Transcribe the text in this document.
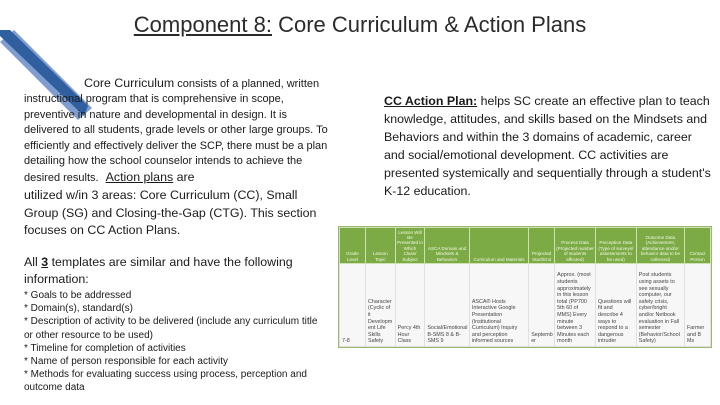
Component 8: Core Curriculum & Action Plans

Core Curriculum consists of a planned, written instructional program that is comprehensive in scope, preventive in nature and developmental in design. It is delivered to all students, grade levels or other large groups. To efficiently and effectively deliver the SCP, there must be a plan detailing how the school counselor intends to achieve the desired results. Action plans are

utilized w/in 3 areas: Core Curriculum (CC), Small Group (SG) and Closing-the-Gap (CTG). This section focuses on CC Action Plans.

All 3 templates are similar and have the following information:

* Goals to be addressed
* Domain(s), standard(s)
* Description of activity to be delivered (include any curriculum title or other resource to be used)
* Timeline for completion of activities
* Name of person responsible for each activity
* Methods for evaluating success using process, perception and outcome data

CC Action Plan: helps SC create an effective plan to teach knowledge, attitudes, and skills based on the Mindsets and Behaviors and within the 3 domains of academic, career and social/emotional development. CC activities are presented systemically and sequentially through a student's K-12 education.

Grade Level	Lesson Topic	Lesson Will Be Presented in Which Class/ Subject	ASCA Domain and Mindsets & Behaviors	Curriculum and Materials	Projected Start/End	Process Data (Projected number of students affected)	Perception Data (Type of surveys/ assessments to be used)	Outcome Data (Achievement, attendance and/or behavior data to be collected)	Contact Person
7-8	Character (Cyclic of it Developm ent Life Skills Safety	Percy 4th Hour Class	Social/Emotional B-SMS 8 & B-SMS 9	ASCA® Hosts Interactive Google Presentation (Institutional Curriculum) Inquiry and perception informed sources	Septemb er	Approx. (most students approximately in this lesson total (PP700 5th 60 of MMS) Every minute between 3 Minutes each month	Questions will fit and describe 4 ways to respond to a dangerous intruder	Post students using assets to see sexually computer, our safety crisis, cyber/bright and/or Netbook evaluation in Fall semester (Behavior/School Safety)	Farmer and B Ms
